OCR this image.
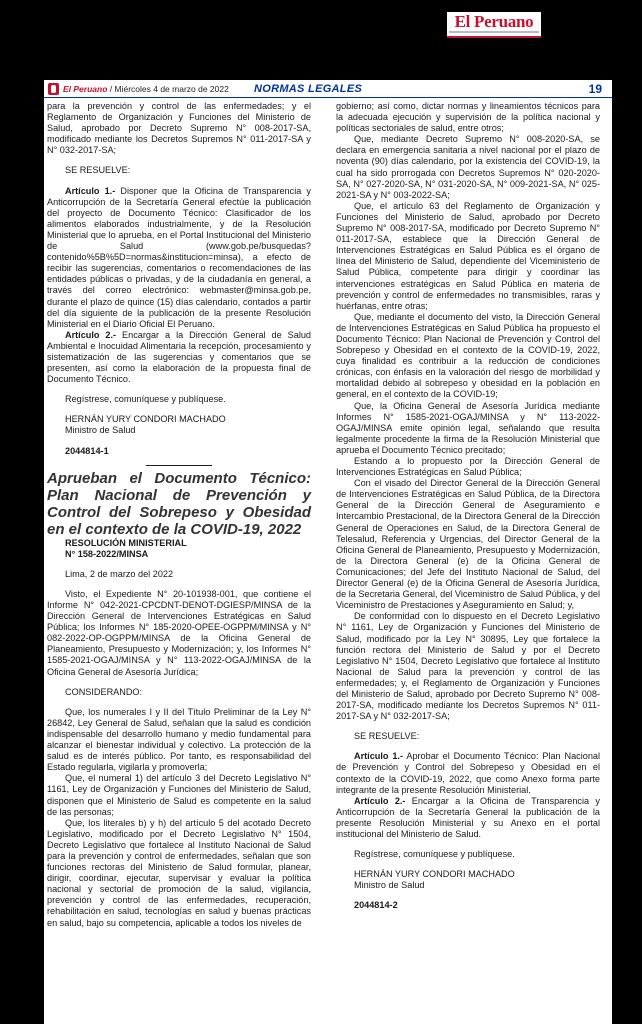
El Peruano
El Peruano / Miércoles 4 de marzo de 2022 NORMAS LEGALES	19

para la prevención y control de las enfermedades; y el Reglamento de Organización y Funciones del Ministerio de Salud, aprobado por Decreto Supremo N° 008-2017-SA, modificado mediante los Decretos Supremos N° 011-2017-SA y N° 032-2017-SA;

SE RESUELVE:

Artículo 1.- Disponer que la Oficina de Transparencia y Anticorrupción de la Secretaría General efectúe la publicación del proyecto de Documento Técnico: Clasificador de los alimentos elaborados industrialmente, y de la Resolución Ministerial que lo aprueba, en el Portal Institucional del Ministerio de Salud (www.gob.pe/busquedas?contenido%5B%5D=normas&institucion=minsa), a efecto de recibir las sugerencias, comentarios o recomendaciones de las entidades públicas o privadas, y de la ciudadanía en general, a través del correo electrónico: webmaster@minsa.gob.pe, durante el plazo de quince (15) días calendario, contados a partir del día siguiente de la publicación de la presente Resolución Ministerial en el Diario Oficial El Peruano.

Artículo 2.- Encargar a la Dirección General de Salud Ambiental e Inocuidad Alimentaria la recepción, procesamiento y sistematización de las sugerencias y comentarios que se presenten, así como la elaboración de la propuesta final de Documento Técnico.

Regístrese, comuníquese y publíquese.

HERNÁN YURY CONDORI MACHADO

Ministro de Salud

2044814-1

Aprueban el Documento Técnico: Plan Nacional de Prevención y Control del Sobrepeso y Obesidad en el contexto de la COVID-19, 2022

RESOLUCIÓN MINISTERIAL

N° 158-2022/MINSA

Lima, 2 de marzo del 2022

Visto, el Expediente N° 20-101938-001, que contiene el Informe N° 042-2021-CPCDNT-DENOT-DGIESP/MINSA de la Dirección General de Intervenciones Estratégicas en Salud Pública; los Informes N° 185-2020-OPEE-OGPPM/MINSA y N° 082-2022-OP-OGPPM/MINSA de la Oficina General de Planeamiento, Presupuesto y Modernización; y, los Informes N° 1585-2021-OGAJ/MINSA y N° 113-2022-OGAJ/MINSA de la Oficina General de Asesoría Jurídica;

CONSIDERANDO:

Que, los numerales I y II del Título Preliminar de la Ley N° 26842, Ley General de Salud, señalan que la salud es condición indispensable del desarrollo humano y medio fundamental para alcanzar el bienestar individual y colectivo. La protección de la salud es de interés público. Por tanto, es responsabilidad del Estado regularla, vigilarla y promoverla;

Que, el numeral 1) del artículo 3 del Decreto Legislativo N° 1161, Ley de Organización y Funciones del Ministerio de Salud, disponen que el Ministerio de Salud es competente en la salud de las personas;

Que, los literales b) y h) del artículo 5 del acotado Decreto Legislativo, modificado por el Decreto Legislativo N° 1504, Decreto Legislativo que fortalece al Instituto Nacional de Salud para la prevención y control de enfermedades, señalan que son funciones rectoras del Ministerio de Salud formular, planear, dirigir, coordinar, ejecutar, supervisar y evaluar la política nacional y sectorial de promoción de la salud, vigilancia, prevención y control de las enfermedades, recuperación, rehabilitación en salud, tecnologías en salud y buenas prácticas en salud, bajo su competencia, aplicable a todos los niveles de

gobierno; así como, dictar normas y lineamientos técnicos para la adecuada ejecución y supervisión de la política nacional y políticas sectoriales de salud, entre otros;

Que, mediante Decreto Supremo N° 008-2020-SA, se declara en emergencia sanitaria a nivel nacional por el plazo de noventa (90) días calendario, por la existencia del COVID-19, la cual ha sido prorrogada con Decretos Supremos N° 020-2020-SA, N° 027-2020-SA, N° 031-2020-SA, N° 009-2021-SA, N° 025-2021-SA y N° 003-2022-SA;

Que, el artículo 63 del Reglamento de Organización y Funciones del Ministerio de Salud, aprobado por Decreto Supremo N° 008-2017-SA, modificado por Decreto Supremo N° 011-2017-SA, establece que la Dirección General de Intervenciones Estratégicas en Salud Pública es el órgano de línea del Ministerio de Salud, dependiente del Viceministerio de Salud Pública, competente para dirigir y coordinar las intervenciones estratégicas en Salud Pública en materia de prevención y control de enfermedades no transmisibles, raras y huérfanas, entre otras;

Que, mediante el documento del visto, la Dirección General de Intervenciones Estratégicas en Salud Pública ha propuesto el Documento Técnico: Plan Nacional de Prevención y Control del Sobrepeso y Obesidad en el contexto de la COVID-19, 2022, cuya finalidad es contribuir a la reducción de condiciones crónicas, con énfasis en la valoración del riesgo de morbilidad y mortalidad debido al sobrepeso y obesidad en la población en general, en el contexto de la COVID-19;

Que, la Oficina General de Asesoría Jurídica mediante Informes N° 1585-2021-OGAJ/MINSA y N° 113-2022-OGAJ/MINSA emite opinión legal, señalando que resulta legalmente procedente la firma de la Resolución Ministerial que aprueba el Documento Técnico precitado;

Estando a lo propuesto por la Dirección General de Intervenciones Estratégicas en Salud Pública;

Con el visado del Director General de la Dirección General de Intervenciones Estratégicas en Salud Pública, de la Directora General de la Dirección General de Aseguramiento e Intercambio Prestacional, de la Directora General de la Dirección General de Operaciones en Salud, de la Directora General de Telesalud, Referencia y Urgencias, del Director General de la Oficina General de Planeamiento, Presupuesto y Modernización, de la Directora General (e) de la Oficina General de Comunicaciones; del Jefe del Instituto Nacional de Salud, del Director General (e) de la Oficina General de Asesoría Jurídica, de la Secretaria General, del Viceministro de Salud Pública, y del Viceministro de Prestaciones y Aseguramiento en Salud; y,

De conformidad con lo dispuesto en el Decreto Legislativo N° 1161, Ley de Organización y Funciones del Ministerio de Salud, modificado por la Ley N° 30895, Ley que fortalece la función rectora del Ministerio de Salud y por el Decreto Legislativo N° 1504, Decreto Legislativo que fortalece al Instituto Nacional de Salud para la prevención y control de las enfermedades; y, el Reglamento de Organización y Funciones del Ministerio de Salud, aprobado por Decreto Supremo N° 008-2017-SA, modificado mediante los Decretos Supremos N° 011-2017-SA y N° 032-2017-SA;

SE RESUELVE:

Artículo 1.- Aprobar el Documento Técnico: Plan Nacional de Prevención y Control del Sobrepeso y Obesidad en el contexto de la COVID-19, 2022, que como Anexo forma parte integrante de la presente Resolución Ministerial.

Artículo 2.- Encargar a la Oficina de Transparencia y Anticorrupción de la Secretaría General la publicación de la presente Resolución Ministerial y su Anexo en el portal institucional del Ministerio de Salud.

Regístrese, comuníquese y publíquese.

HERNÁN YURY CONDORI MACHADO

Ministro de Salud

2044814-2
